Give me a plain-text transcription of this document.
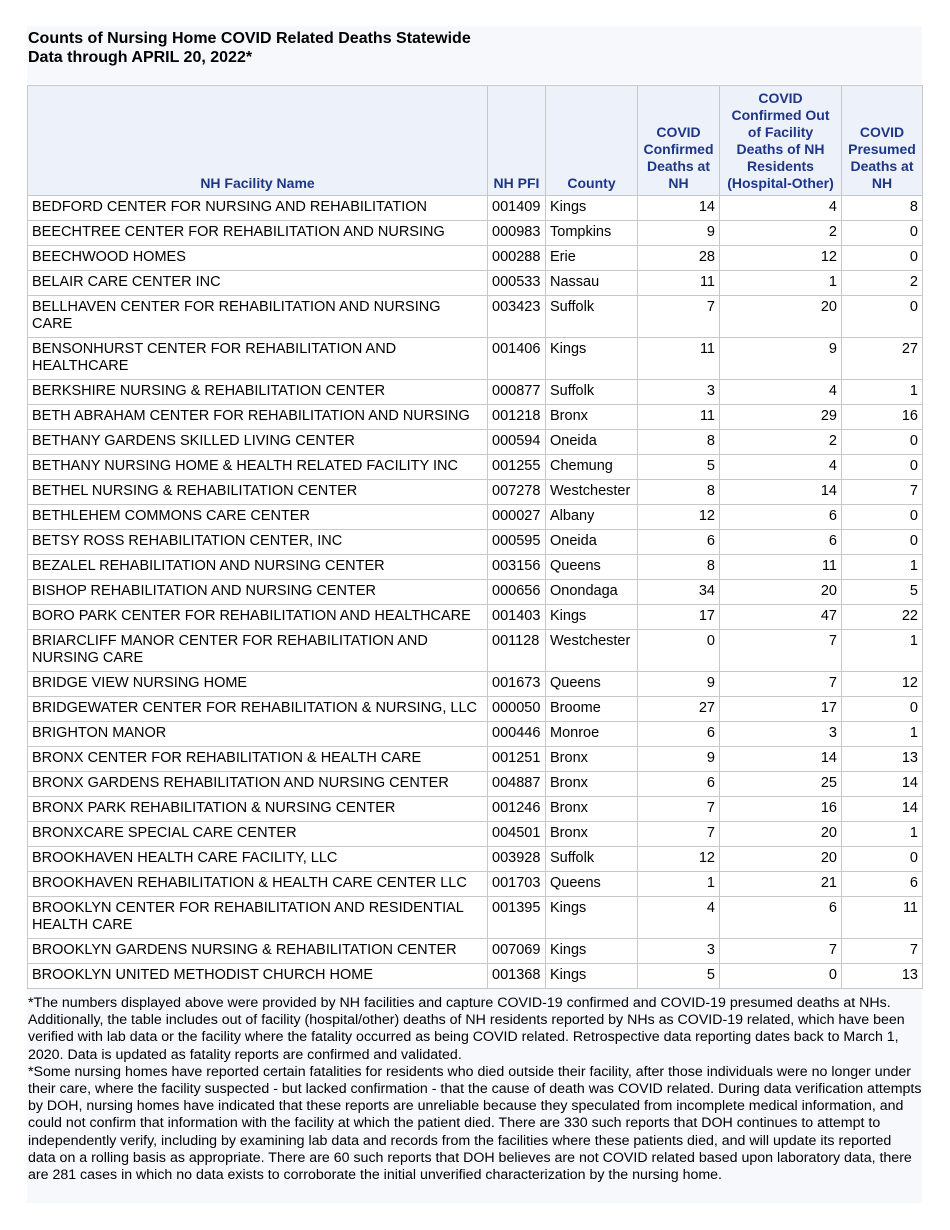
Counts of Nursing Home COVID Related Deaths Statewide
Data through APRIL 20, 2022*
NH Facility Name	NH PFI	County	COVID Confirmed Deaths at NH	COVID Confirmed Out of Facility Deaths of NH Residents (Hospital-Other)	COVID Presumed Deaths at NH
BEDFORD CENTER FOR NURSING AND REHABILITATION	001409	Kings	14	4	8
BEECHTREE CENTER FOR REHABILITATION AND NURSING	000983	Tompkins	9	2	0
BEECHWOOD HOMES	000288	Erie	28	12	0
BELAIR CARE CENTER INC	000533	Nassau	11	1	2
BELLHAVEN CENTER FOR REHABILITATION AND NURSING CARE	003423	Suffolk	7	20	0
BENSONHURST CENTER FOR REHABILITATION AND HEALTHCARE	001406	Kings	11	9	27
BERKSHIRE NURSING & REHABILITATION CENTER	000877	Suffolk	3	4	1
BETH ABRAHAM CENTER FOR REHABILITATION AND NURSING	001218	Bronx	11	29	16
BETHANY GARDENS SKILLED LIVING CENTER	000594	Oneida	8	2	0
BETHANY NURSING HOME & HEALTH RELATED FACILITY INC	001255	Chemung	5	4	0
BETHEL NURSING & REHABILITATION CENTER	007278	Westchester	8	14	7
BETHLEHEM COMMONS CARE CENTER	000027	Albany	12	6	0
BETSY ROSS REHABILITATION CENTER, INC	000595	Oneida	6	6	0
BEZALEL REHABILITATION AND NURSING CENTER	003156	Queens	8	11	1
BISHOP REHABILITATION AND NURSING CENTER	000656	Onondaga	34	20	5
BORO PARK CENTER FOR REHABILITATION AND HEALTHCARE	001403	Kings	17	47	22
BRIARCLIFF MANOR CENTER FOR REHABILITATION AND NURSING CARE	001128	Westchester	0	7	1
BRIDGE VIEW NURSING HOME	001673	Queens	9	7	12
BRIDGEWATER CENTER FOR REHABILITATION & NURSING, LLC	000050	Broome	27	17	0
BRIGHTON MANOR	000446	Monroe	6	3	1
BRONX CENTER FOR REHABILITATION & HEALTH CARE	001251	Bronx	9	14	13
BRONX GARDENS REHABILITATION AND NURSING CENTER	004887	Bronx	6	25	14
BRONX PARK REHABILITATION & NURSING CENTER	001246	Bronx	7	16	14
BRONXCARE SPECIAL CARE CENTER	004501	Bronx	7	20	1
BROOKHAVEN HEALTH CARE FACILITY, LLC	003928	Suffolk	12	20	0
BROOKHAVEN REHABILITATION & HEALTH CARE CENTER LLC	001703	Queens	1	21	6
BROOKLYN CENTER FOR REHABILITATION AND RESIDENTIAL HEALTH CARE	001395	Kings	4	6	11
BROOKLYN GARDENS NURSING & REHABILITATION CENTER	007069	Kings	3	7	7
BROOKLYN UNITED METHODIST CHURCH HOME	001368	Kings	5	0	13

*The numbers displayed above were provided by NH facilities and capture COVID-19 confirmed and COVID-19 presumed deaths at NHs. Additionally, the table includes out of facility (hospital/other) deaths of NH residents reported by NHs as COVID-19 related, which have been verified with lab data or the facility where the fatality occurred as being COVID related. Retrospective data reporting dates back to March 1, 2020. Data is updated as fatality reports are confirmed and validated.

*Some nursing homes have reported certain fatalities for residents who died outside their facility, after those individuals were no longer under their care, where the facility suspected - but lacked confirmation - that the cause of death was COVID related. During data verification attempts by DOH, nursing homes have indicated that these reports are unreliable because they speculated from incomplete medical information, and could not confirm that information with the facility at which the patient died. There are 330 such reports that DOH continues to attempt to independently verify, including by examining lab data and records from the facilities where these patients died, and will update its reported data on a rolling basis as appropriate. There are 60 such reports that DOH believes are not COVID related based upon laboratory data, there are 281 cases in which no data exists to corroborate the initial unverified characterization by the nursing home.
